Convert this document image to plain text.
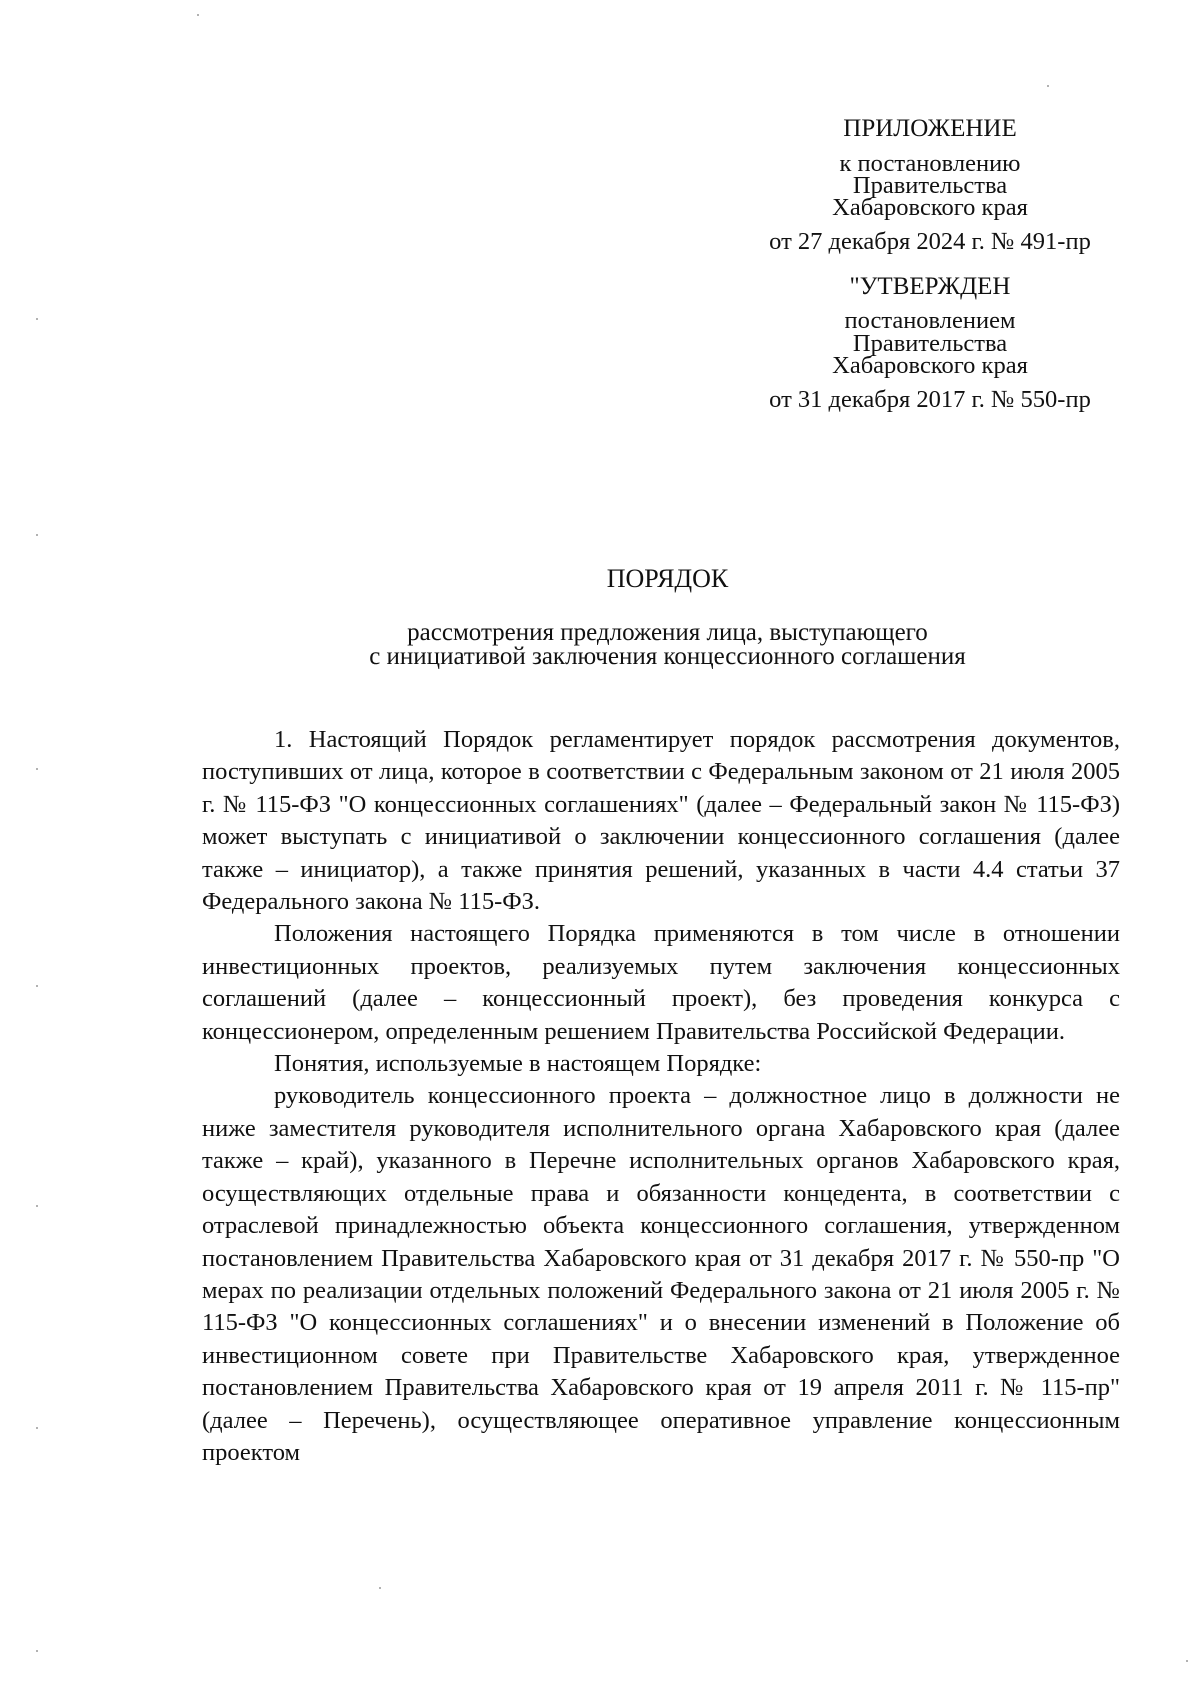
ПРИЛОЖЕНИЕ
к постановлению
Правительства
Хабаровского края
от 27 декабря 2024 г. № 491-пр
"УТВЕРЖДЕН
постановлением
Правительства
Хабаровского края
от 31 декабря 2017 г. № 550-пр
ПОРЯДОК
рассмотрения предложения лица, выступающего
с инициативой заключения концессионного соглашения

1. Настоящий Порядок регламентирует порядок рассмотрения документов, поступивших от лица, которое в соответствии с Федеральным законом от 21 июля 2005 г. № 115-ФЗ "О концессионных соглашениях" (далее – Федеральный закон № 115-ФЗ) может выступать с инициативой о заключении концессионного соглашения (далее также – инициатор), а также принятия решений, указанных в части 4.4 статьи 37 Федерального закона № 115-ФЗ.

Положения настоящего Порядка применяются в том числе в отношении инвестиционных проектов, реализуемых путем заключения концессионных соглашений (далее – концессионный проект), без проведения конкурса с концессионером, определенным решением Правительства Российской Федерации.

Понятия, используемые в настоящем Порядке:

руководитель концессионного проекта – должностное лицо в должности не ниже заместителя руководителя исполнительного органа Хабаровского края (далее также – край), указанного в Перечне исполнительных органов Хабаровского края, осуществляющих отдельные права и обязанности концедента, в соответствии с отраслевой принадлежностью объекта концессионного соглашения, утвержденном постановлением Правительства Хабаровского края от 31 декабря 2017 г. № 550-пр "О мерах по реализации отдельных положений Федерального закона от 21 июля 2005 г. № 115-ФЗ "О концессионных соглашениях" и о внесении изменений в Положение об инвестиционном совете при Правительстве Хабаровского края, утвержденное постановлением Правительства Хабаровского края от 19 апреля 2011 г. № 115-пр" (далее – Перечень), осуществляющее оперативное управление концессионным проектом
